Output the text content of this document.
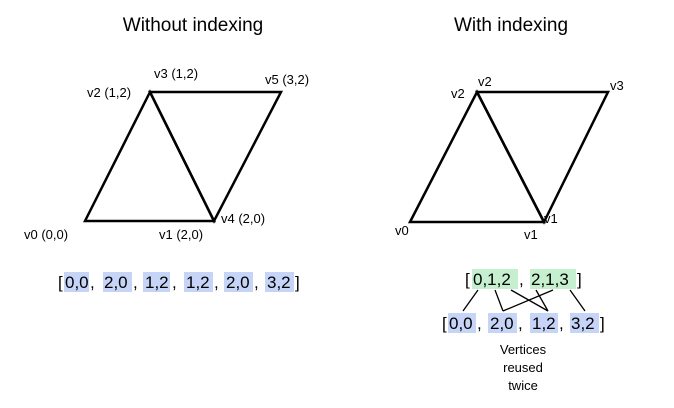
Without indexing
v0 (0,0)	v1 (2,0)
v2 (1,2)
v3 (1,2)
v4 (2,0)
v5 (3,2)
[ 0,0 , 2,0 , 1,2 , 1,2 , 2,0 , 3,2 ]
With indexing
v0	v1
v1
v2
v2	v3
[ 0,1,2 , 2,1,3 ]
[ 0,0 , 2,0 , 1,2 , 3,2 ]
Vertices
reused
twice
